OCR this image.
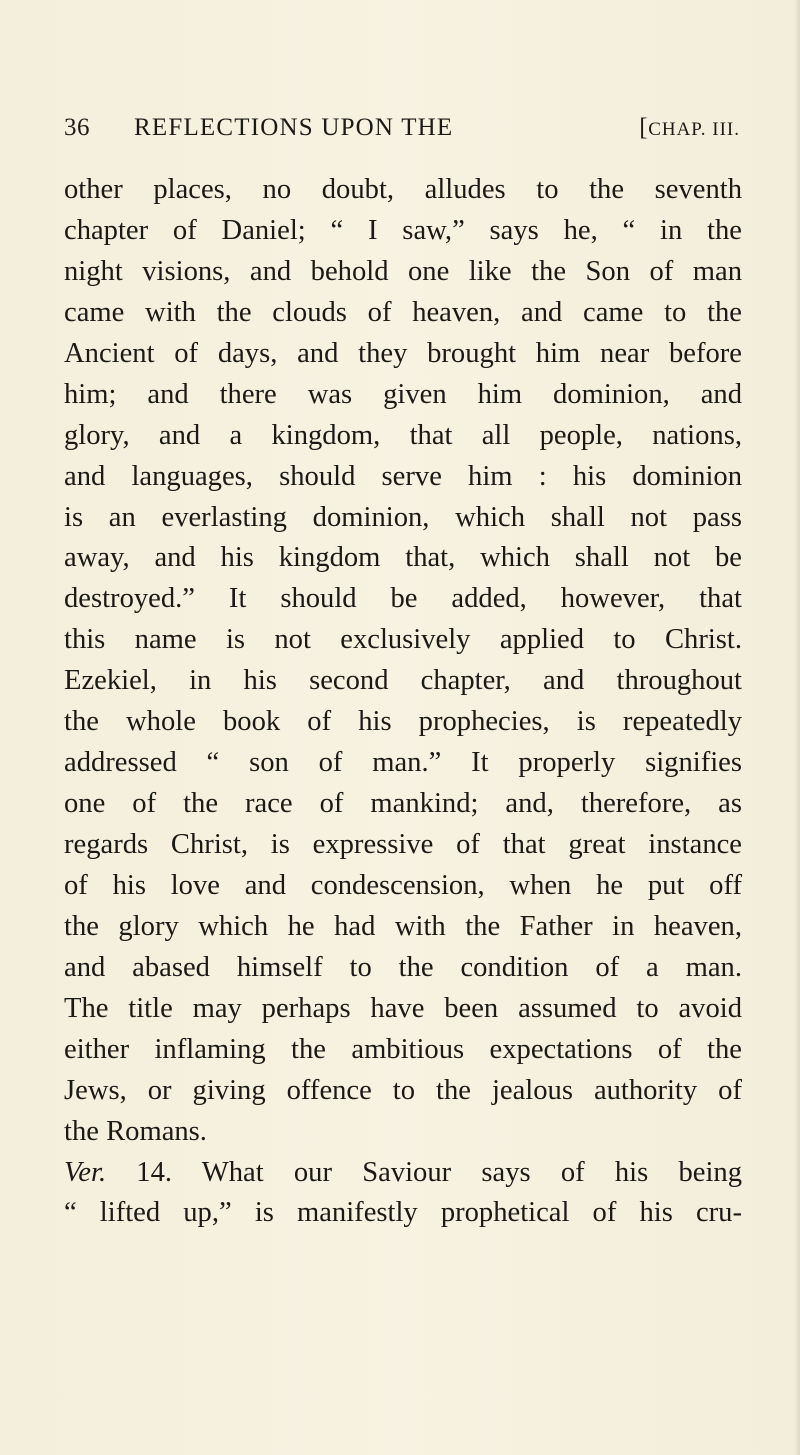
36 REFLECTIONS UPON THE	[CHAP. III.
other places, no doubt, alludes to the seventh
chapter of Daniel; “ I saw,” says he, “ in the
night visions, and behold one like the Son of man
came with the clouds of heaven, and came to the
Ancient of days, and they brought him near before
him; and there was given him dominion, and
glory, and a kingdom, that all people, nations,
and languages, should serve him : his dominion
is an everlasting dominion, which shall not pass
away, and his kingdom that, which shall not be
destroyed.” It should be added, however, that
this name is not exclusively applied to Christ.
Ezekiel, in his second chapter, and throughout
the whole book of his prophecies, is repeatedly
addressed “ son of man.” It properly signifies
one of the race of mankind; and, therefore, as
regards Christ, is expressive of that great instance
of his love and condescension, when he put off
the glory which he had with the Father in heaven,
and abased himself to the condition of a man.
The title may perhaps have been assumed to avoid
either inflaming the ambitious expectations of the
Jews, or giving offence to the jealous authority of
the Romans.
Ver. 14. What our Saviour says of his being
“ lifted up,” is manifestly prophetical of his cru-
